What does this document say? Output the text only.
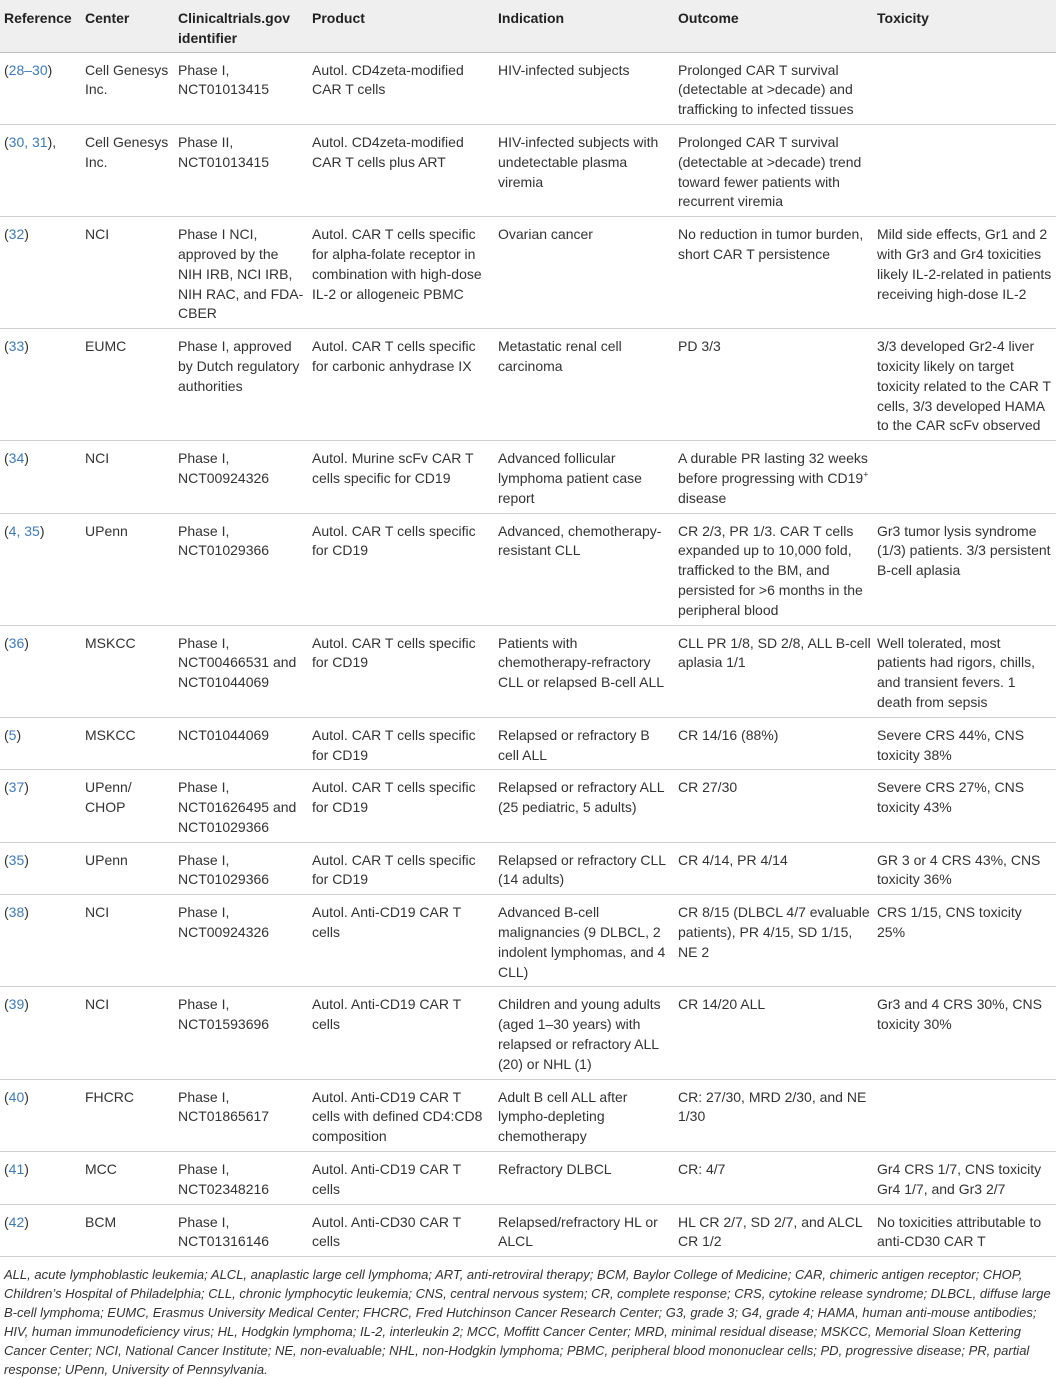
Reference	Center	Clinicaltrials.gov identifier	Product	Indication	Outcome	Toxicity
(28–30)	Cell Genesys Inc.	Phase I, NCT01013415	Autol. CD4zeta-modified CAR T cells	HIV-infected subjects	Prolonged CAR T survival (detectable at >decade) and trafficking to infected tissues	
(30, 31),	Cell Genesys Inc.	Phase II, NCT01013415	Autol. CD4zeta-modified CAR T cells plus ART	HIV-infected subjects with undetectable plasma viremia	Prolonged CAR T survival (detectable at >decade) trend toward fewer patients with recurrent viremia	
(32)	NCI	Phase I NCI, approved by the NIH IRB, NCI IRB, NIH RAC, and FDA-CBER	Autol. CAR T cells specific for alpha-folate receptor in combination with high-dose IL-2 or allogeneic PBMC	Ovarian cancer	No reduction in tumor burden, short CAR T persistence	Mild side effects, Gr1 and 2 with Gr3 and Gr4 toxicities likely IL-2-related in patients receiving high-dose IL-2
(33)	EUMC	Phase I, approved by Dutch regulatory authorities	Autol. CAR T cells specific for carbonic anhydrase IX	Metastatic renal cell carcinoma	PD 3/3	3/3 developed Gr2-4 liver toxicity likely on target toxicity related to the CAR T cells, 3/3 developed HAMA to the CAR scFv observed
(34)	NCI	Phase I, NCT00924326	Autol. Murine scFv CAR T cells specific for CD19	Advanced follicular lymphoma patient case report	A durable PR lasting 32 weeks before progressing with CD19+ disease	
(4, 35)	UPenn	Phase I, NCT01029366	Autol. CAR T cells specific for CD19	Advanced, chemotherapy-resistant CLL	CR 2/3, PR 1/3. CAR T cells expanded up to 10,000 fold, trafficked to the BM, and persisted for >6 months in the peripheral blood	Gr3 tumor lysis syndrome (1/3) patients. 3/3 persistent B-cell aplasia
(36)	MSKCC	Phase I, NCT00466531 and NCT01044069	Autol. CAR T cells specific for CD19	Patients with chemotherapy-refractory CLL or relapsed B-cell ALL	CLL PR 1/8, SD 2/8, ALL B-cell aplasia 1/1	Well tolerated, most patients had rigors, chills, and transient fevers. 1 death from sepsis
(5)	MSKCC	NCT01044069	Autol. CAR T cells specific for CD19	Relapsed or refractory B cell ALL	CR 14/16 (88%)	Severe CRS 44%, CNS toxicity 38%
(37)	UPenn/ CHOP	Phase I, NCT01626495 and NCT01029366	Autol. CAR T cells specific for CD19	Relapsed or refractory ALL (25 pediatric, 5 adults)	CR 27/30	Severe CRS 27%, CNS toxicity 43%
(35)	UPenn	Phase I, NCT01029366	Autol. CAR T cells specific for CD19	Relapsed or refractory CLL (14 adults)	CR 4/14, PR 4/14	GR 3 or 4 CRS 43%, CNS toxicity 36%
(38)	NCI	Phase I, NCT00924326	Autol. Anti-CD19 CAR T cells	Advanced B-cell malignancies (9 DLBCL, 2 indolent lymphomas, and 4 CLL)	CR 8/15 (DLBCL 4/7 evaluable patients), PR 4/15, SD 1/15, NE 2	CRS 1/15, CNS toxicity 25%
(39)	NCI	Phase I, NCT01593696	Autol. Anti-CD19 CAR T cells	Children and young adults (aged 1–30 years) with relapsed or refractory ALL (20) or NHL (1)	CR 14/20 ALL	Gr3 and 4 CRS 30%, CNS toxicity 30%
(40)	FHCRC	Phase I, NCT01865617	Autol. Anti-CD19 CAR T cells with defined CD4:CD8 composition	Adult B cell ALL after lympho-depleting chemotherapy	CR: 27/30, MRD 2/30, and NE 1/30	
(41)	MCC	Phase I, NCT02348216	Autol. Anti-CD19 CAR T cells	Refractory DLBCL	CR: 4/7	Gr4 CRS 1/7, CNS toxicity Gr4 1/7, and Gr3 2/7
(42)	BCM	Phase I, NCT01316146	Autol. Anti-CD30 CAR T cells	Relapsed/refractory HL or ALCL	HL CR 2/7, SD 2/7, and ALCL CR 1/2	No toxicities attributable to anti-CD30 CAR T
ALL, acute lymphoblastic leukemia; ALCL, anaplastic large cell lymphoma; ART, anti-retroviral therapy; BCM, Baylor College of Medicine; CAR, chimeric antigen receptor; CHOP, Children’s Hospital of Philadelphia; CLL, chronic lymphocytic leukemia; CNS, central nervous system; CR, complete response; CRS, cytokine release syndrome; DLBCL, diffuse large B-cell lymphoma; EUMC, Erasmus University Medical Center; FHCRC, Fred Hutchinson Cancer Research Center; G3, grade 3; G4, grade 4; HAMA, human anti-mouse antibodies; HIV, human immunodeficiency virus; HL, Hodgkin lymphoma; IL-2, interleukin 2; MCC, Moffitt Cancer Center; MRD, minimal residual disease; MSKCC, Memorial Sloan Kettering Cancer Center; NCI, National Cancer Institute; NE, non-evaluable; NHL, non-Hodgkin lymphoma; PBMC, peripheral blood mononuclear cells; PD, progressive disease; PR, partial response; UPenn, University of Pennsylvania.
